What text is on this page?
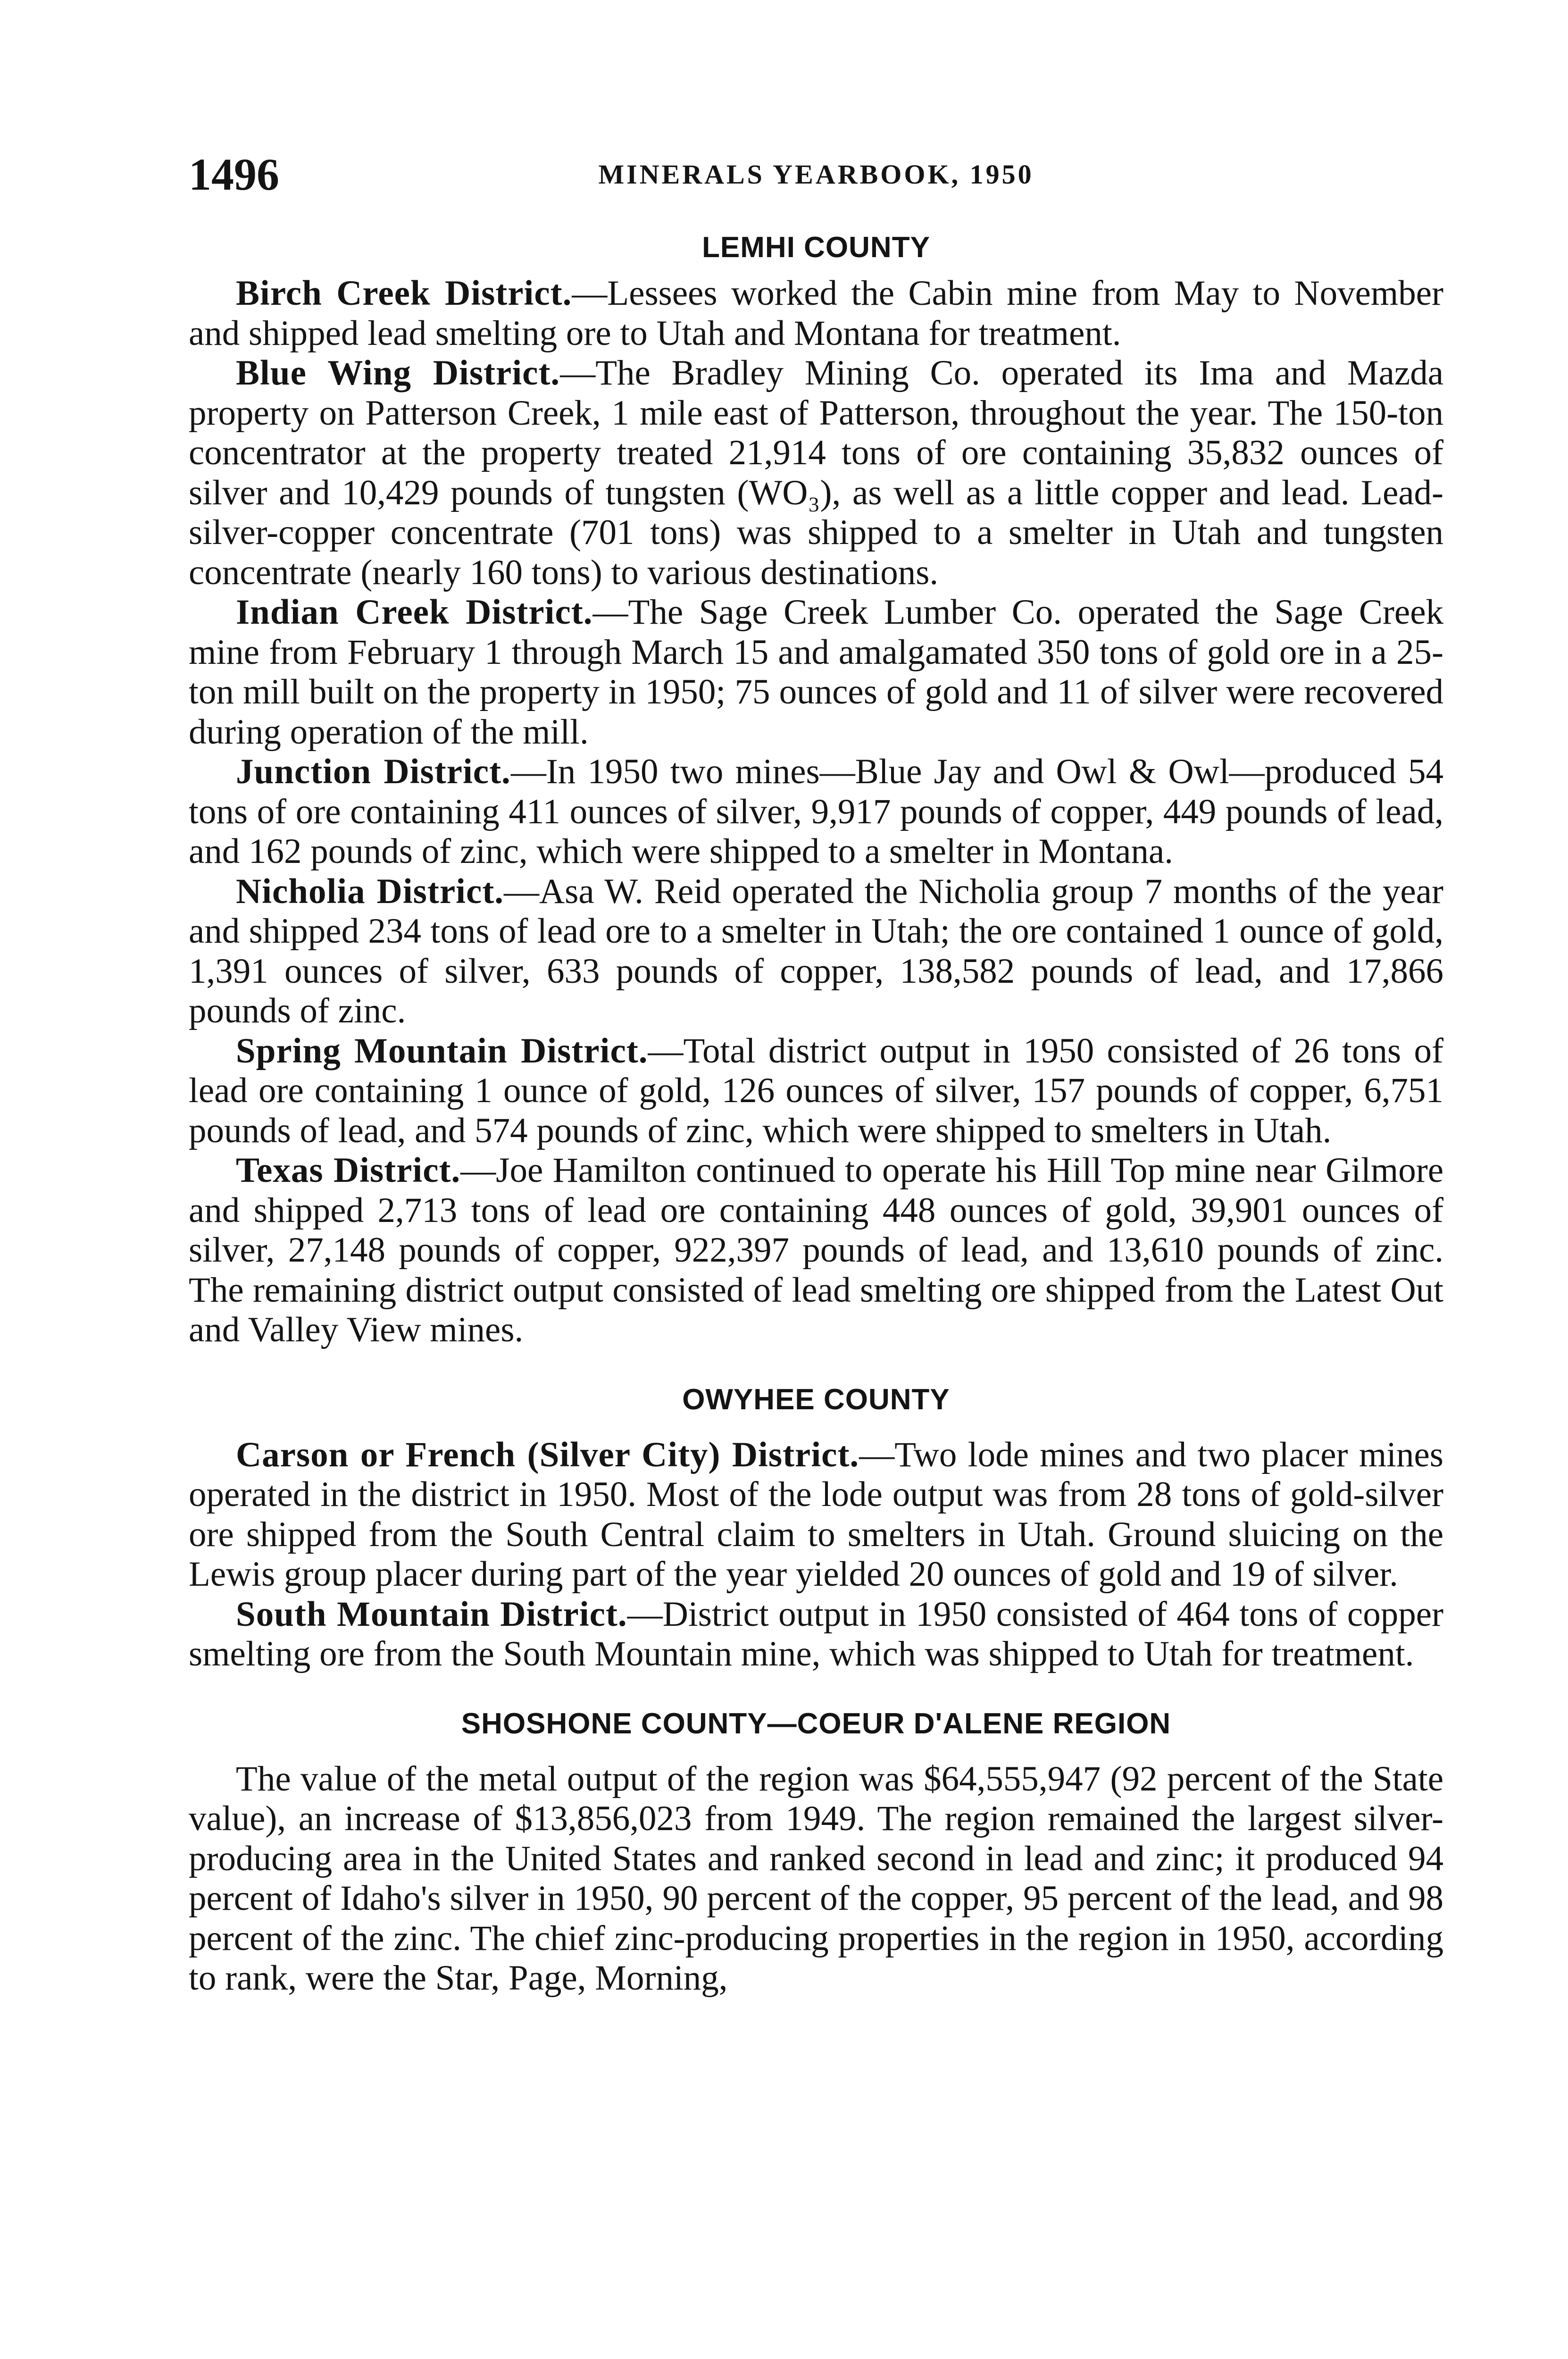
1496	MINERALS YEARBOOK, 1950
LEMHI COUNTY

Birch Creek District.—Lessees worked the Cabin mine from May to November and shipped lead smelting ore to Utah and Montana for treatment.

Blue Wing District.—The Bradley Mining Co. operated its Ima and Mazda property on Patterson Creek, 1 mile east of Patterson, throughout the year. The 150-ton concentrator at the property treated 21,914 tons of ore containing 35,832 ounces of silver and 10,429 pounds of tungsten (WO₃), as well as a little copper and lead. Lead-silver-copper concentrate (701 tons) was shipped to a smelter in Utah and tungsten concentrate (nearly 160 tons) to various destinations.

Indian Creek District.—The Sage Creek Lumber Co. operated the Sage Creek mine from February 1 through March 15 and amalgamated 350 tons of gold ore in a 25-ton mill built on the property in 1950; 75 ounces of gold and 11 of silver were recovered during operation of the mill.

Junction District.—In 1950 two mines—Blue Jay and Owl & Owl—produced 54 tons of ore containing 411 ounces of silver, 9,917 pounds of copper, 449 pounds of lead, and 162 pounds of zinc, which were shipped to a smelter in Montana.

Nicholia District.—Asa W. Reid operated the Nicholia group 7 months of the year and shipped 234 tons of lead ore to a smelter in Utah; the ore contained 1 ounce of gold, 1,391 ounces of silver, 633 pounds of copper, 138,582 pounds of lead, and 17,866 pounds of zinc.

Spring Mountain District.—Total district output in 1950 consisted of 26 tons of lead ore containing 1 ounce of gold, 126 ounces of silver, 157 pounds of copper, 6,751 pounds of lead, and 574 pounds of zinc, which were shipped to smelters in Utah.

Texas District.—Joe Hamilton continued to operate his Hill Top mine near Gilmore and shipped 2,713 tons of lead ore containing 448 ounces of gold, 39,901 ounces of silver, 27,148 pounds of copper, 922,397 pounds of lead, and 13,610 pounds of zinc. The remaining district output consisted of lead smelting ore shipped from the Latest Out and Valley View mines.

OWYHEE COUNTY

Carson or French (Silver City) District.—Two lode mines and two placer mines operated in the district in 1950. Most of the lode output was from 28 tons of gold-silver ore shipped from the South Central claim to smelters in Utah. Ground sluicing on the Lewis group placer during part of the year yielded 20 ounces of gold and 19 of silver.

South Mountain District.—District output in 1950 consisted of 464 tons of copper smelting ore from the South Mountain mine, which was shipped to Utah for treatment.

SHOSHONE COUNTY—COEUR D'ALENE REGION

The value of the metal output of the region was $64,555,947 (92 percent of the State value), an increase of $13,856,023 from 1949. The region remained the largest silver-producing area in the United States and ranked second in lead and zinc; it produced 94 percent of Idaho's silver in 1950, 90 percent of the copper, 95 percent of the lead, and 98 percent of the zinc. The chief zinc-producing properties in the region in 1950, according to rank, were the Star, Page, Morning,
